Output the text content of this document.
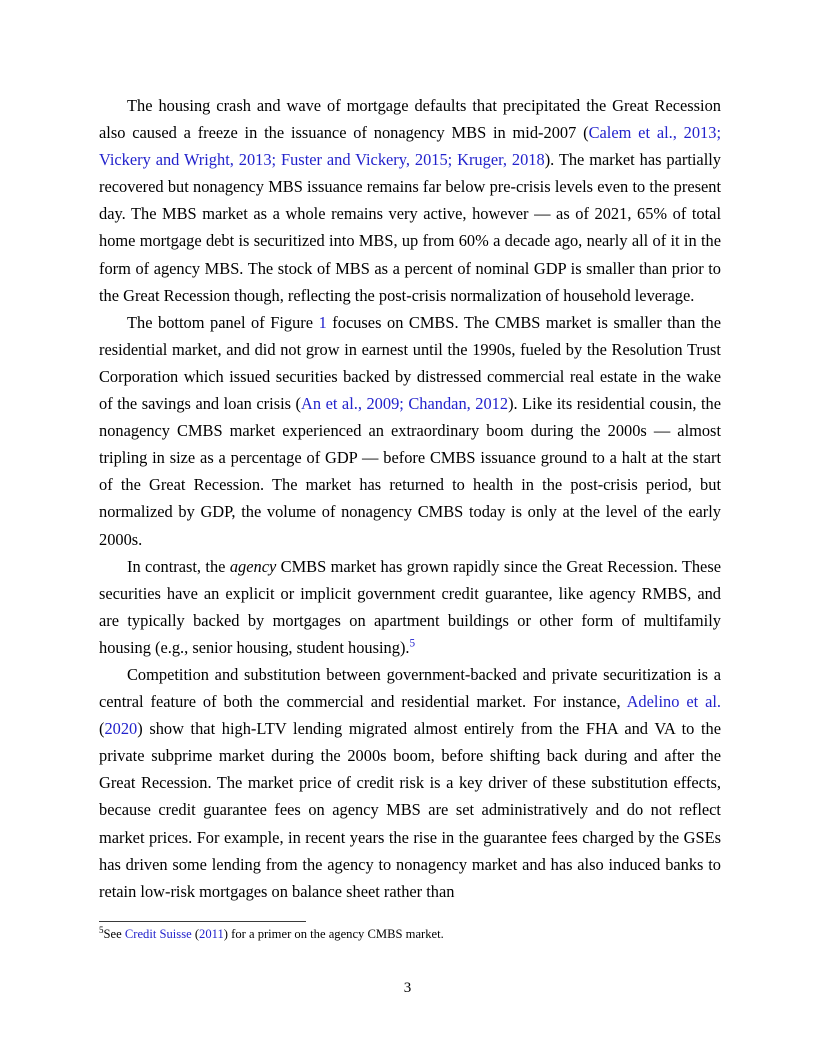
The housing crash and wave of mortgage defaults that precipitated the Great Recession also caused a freeze in the issuance of nonagency MBS in mid-2007 (Calem et al., 2013; Vickery and Wright, 2013; Fuster and Vickery, 2015; Kruger, 2018). The market has partially recovered but nonagency MBS issuance remains far below pre-crisis levels even to the present day. The MBS market as a whole remains very active, however — as of 2021, 65% of total home mortgage debt is securitized into MBS, up from 60% a decade ago, nearly all of it in the form of agency MBS. The stock of MBS as a percent of nominal GDP is smaller than prior to the Great Recession though, reflecting the post-crisis normalization of household leverage.

The bottom panel of Figure 1 focuses on CMBS. The CMBS market is smaller than the residential market, and did not grow in earnest until the 1990s, fueled by the Resolution Trust Corporation which issued securities backed by distressed commercial real estate in the wake of the savings and loan crisis (An et al., 2009; Chandan, 2012). Like its residential cousin, the nonagency CMBS market experienced an extraordinary boom during the 2000s — almost tripling in size as a percentage of GDP — before CMBS issuance ground to a halt at the start of the Great Recession. The market has returned to health in the post-crisis period, but normalized by GDP, the volume of nonagency CMBS today is only at the level of the early 2000s.

In contrast, the agency CMBS market has grown rapidly since the Great Recession. These securities have an explicit or implicit government credit guarantee, like agency RMBS, and are typically backed by mortgages on apartment buildings or other form of multifamily housing (e.g., senior housing, student housing).$^5$

Competition and substitution between government-backed and private securitization is a central feature of both the commercial and residential market. For instance, Adelino et al. (2020) show that high-LTV lending migrated almost entirely from the FHA and VA to the private subprime market during the 2000s boom, before shifting back during and after the Great Recession. The market price of credit risk is a key driver of these substitution effects, because credit guarantee fees on agency MBS are set administratively and do not reflect market prices. For example, in recent years the rise in the guarantee fees charged by the GSEs has driven some lending from the agency to nonagency market and has also induced banks to retain low-risk mortgages on balance sheet rather than

$^5$See Credit Suisse (2011) for a primer on the agency CMBS market.

3
